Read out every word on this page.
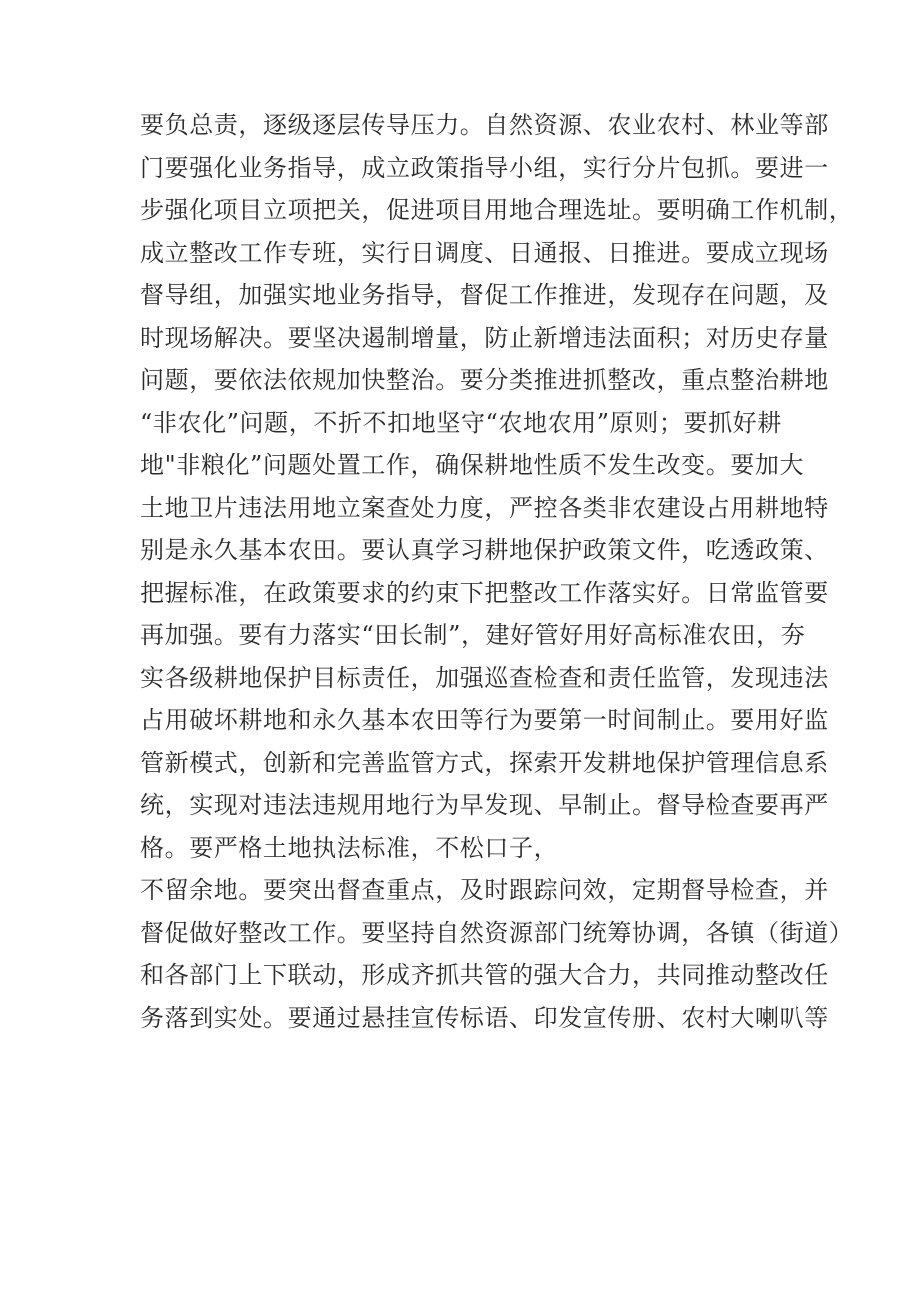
要负总责，逐级逐层传导压力。自然资源、农业农村、林业等部
门要强化业务指导，成立政策指导小组，实行分片包抓。要进一
步强化项目立项把关，促进项目用地合理选址。要明确工作机制，
成立整改工作专班，实行日调度、日通报、日推进。要成立现场
督导组，加强实地业务指导，督促工作推进，发现存在问题，及
时现场解决。要坚决遏制增量，防止新增违法面积；对历史存量
问题，要依法依规加快整治。要分类推进抓整改，重点整治耕地
“非农化”问题，不折不扣地坚守“农地农用”原则；要抓好耕
地"非粮化”问题处置工作，确保耕地性质不发生改变。要加大
土地卫片违法用地立案查处力度，严控各类非农建设占用耕地特
别是永久基本农田。要认真学习耕地保护政策文件，吃透政策、
把握标准，在政策要求的约束下把整改工作落实好。日常监管要
再加强。要有力落实“田长制”，建好管好用好高标准农田，夯
实各级耕地保护目标责任，加强巡查检查和责任监管，发现违法
占用破坏耕地和永久基本农田等行为要第一时间制止。要用好监
管新模式，创新和完善监管方式，探索开发耕地保护管理信息系
统，实现对违法违规用地行为早发现、早制止。督导检查要再严
格。要严格土地执法标准，不松口子，
不留余地。要突出督查重点，及时跟踪问效，定期督导检查，并
督促做好整改工作。要坚持自然资源部门统筹协调，各镇（街道）
和各部门上下联动，形成齐抓共管的强大合力，共同推动整改任
务落到实处。要通过悬挂宣传标语、印发宣传册、农村大喇叭等
